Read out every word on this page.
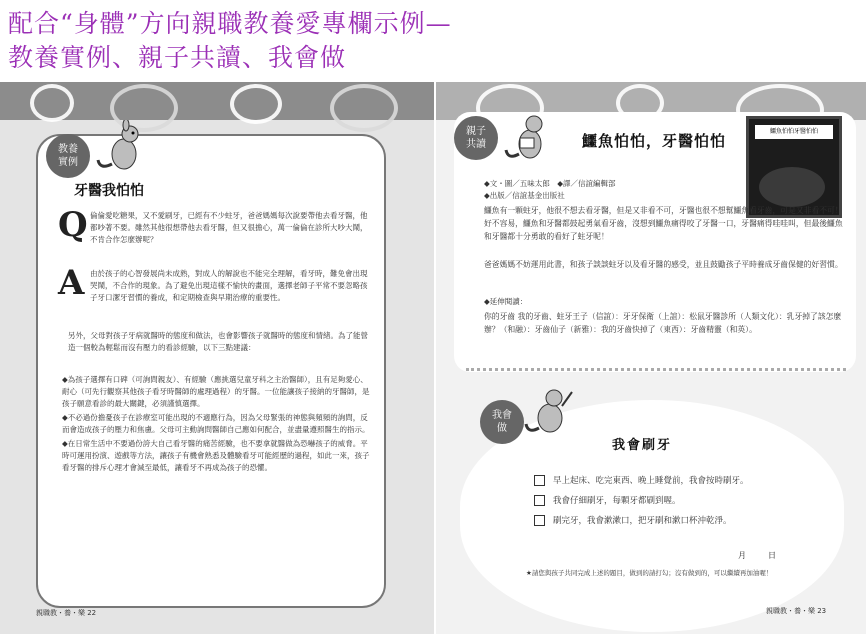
配合“身體”方向親職教養愛專欄示例—
教養實例、親子共讀、我會做
教養
實例
牙醫我怕怕
Q 倫倫愛吃糖果，又不愛刷牙，已經有不少蛀牙，爸爸媽媽每次說要帶他去看牙醫，他都吵著不要。雖然其他很想帶他去看牙醫，但又很擔心，萬一倫倫在診所大吵大鬧，不肯合作怎麼辦呢？
A 由於孩子的心智發展尚未成熟，對成人的解說也不能完全理解，看牙時，難免會出現哭鬧，不合作的現象。為了避免出現這樣不愉快的畫面，選擇老師子平常不要忽略孩子牙口潔牙習慣的養成，和定期檢查與早期治療的重要性。
另外，父母對孩子牙病就醫時的態度和做法，也會影響孩子就醫時的態度和情緒。為了能營造一個較為輕鬆而沒有壓力的看診經驗，以下三點建議：
◆為孩子選擇有口碑（可詢問親友）、有經驗（應挑選兒童牙科之主治醫師），且有足夠愛心、耐心（可先行觀察其他孩子看牙時醫師的處理過程）的牙醫。一位能讓孩子接納的牙醫師，是孩子願意看診的最大關鍵，必須謹慎選擇。
◆不必過份擔憂孩子在診療室可能出現的不適應行為，因為父母緊張的神態與頻頻的詢問，反而會造成孩子的壓力和焦慮。父母可主動詢問醫師自己應如何配合，並盡量遵照醫生的指示。
◆在日常生活中不要過份誇大自己看牙醫的痛苦經驗，也不要拿就醫做為恐嚇孩子的威脅。平時可運用扮演、遊戲等方法，讓孩子有機會熟悉及體驗看牙可能經歷的過程，如此一來，孩子看牙醫的排斥心理才會減至最低，讓看牙不再成為孩子的恐懼。
親職教・養・樂 22
親子
共讀	鱷魚怕怕，牙醫怕怕
鱷魚怕怕牙醫怕怕
◆文・圖／五味太郎　◆譯／信誼編輯部
◆出版／信誼基金出版社
鱷魚有一顆蛀牙，他很不想去看牙醫，但是又非看不可，牙醫也很不想幫鱷魚看牙齒，可是又非看不可！好不容易，鱷魚和牙醫都鼓起勇氣看牙齒，沒想到鱷魚痛得咬了牙醫一口，牙醫痛得哇哇叫，但最後鱷魚和牙醫都十分勇敢的看好了蛀牙呢！
爸爸媽媽不妨運用此書，和孩子談談蛀牙以及看牙醫的感受，並且鼓勵孩子平時養成牙齒保健的好習慣。
◆延伸閱讀：
你的牙齒 我的牙齒、蛀牙王子（信誼）：牙牙保衛（上誼）：松鼠牙醫診所（人類文化）：乳牙掉了該怎麼辦？（和融）：牙齒仙子（新雅）：我的牙齒快掉了（東西）：牙齒精靈（和英）。
我會
做
我會刷牙
早上起床、吃完東西、晚上睡覺前，我會按時刷牙。
我會仔細刷牙，每顆牙都刷到喔。
刷完牙，我會漱漱口，把牙刷和漱口杯沖乾淨。
月	日
★請您與孩子共同完成上述的題目，做到的請打勾；沒有做到的，可以繼續再加油喔！
親職教・養・樂 23
